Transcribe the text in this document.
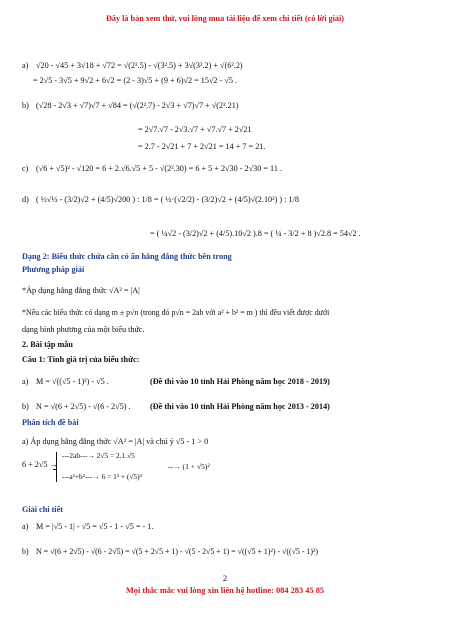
Đây là bản xem thử, vui lòng mua tài liệu để xem chi tiết (có lời giải)
a) √20 - √45 + 3√18 + √72 = √(2².5) - √(3².5) + 3√(3².2) + √(6².2)
= 2√5 - 3√5 + 9√2 + 6√2 = (2 - 3)√5 + (9 + 6)√2 = 15√2 - √5 .
b) (√28 - 2√3 + √7)√7 + √84 = (√(2².7) - 2√3 + √7)√7 + √(2².21)
= 2√7.√7 - 2√3.√7 + √7.√7 + 2√21
= 2.7 - 2√21 + 7 + 2√21 = 14 + 7 = 21.
c) (√6 + √5)² - √120 = 6 + 2.√6.√5 + 5 - √(2².30) = 6 + 5 + 2√30 - 2√30 = 11 .
d) ( ½√½ - (3/2)√2 + (4/5)√200 ) : 1/8 = ( ½·(√2/2) - (3/2)√2 + (4/5)√(2.10²) ) : 1/8
= ( ¼√2 - (3/2)√2 + (4/5).10√2 ).8 = ( ¼ - 3/2 + 8 )√2.8 = 54√2 .
Dạng 2: Biểu thức chứa căn có ẩn hằng đẳng thức bên trong
Phương pháp giải
*Áp dụng hằng đẳng thức √A² = |A|
*Nếu các biểu thức có dạng m ± p√n (trong đó p√n = 2ab với a² + b² = m ) thì đều viết được dưới
dạng bình phương của một biểu thức.
2. Bài tập mẫu
Câu 1: Tính giá trị của biểu thức:
a) M = √((√5 - 1)²) - √5 .	(Đề thi vào 10 tỉnh Hải Phòng năm học 2018 - 2019)
b) N = √(6 + 2√5) - √(6 - 2√5) . (Đề thi vào 10 tỉnh Hải Phòng năm học 2013 - 2014)
Phân tích đề bài
a) Áp dụng hằng đẳng thức √A² = |A| và chú ý √5 - 1 > 0
6 + 2√5 →
---2ab---→ 2√5 = 2.1.√5
---a²+b²---→ 6 = 1² + (√5)²
--→ (1 + √5)²
Giải chi tiết
a) M = |√5 - 1| - √5 = √5 - 1 - √5 = - 1.
b) N = √(6 + 2√5) - √(6 - 2√5) = √(5 + 2√5 + 1) - √(5 - 2√5 + 1) = √((√5 + 1)²) - √((√5 - 1)²)
2
Mọi thắc mắc vui lòng xin liên hệ hotline: 084 283 45 85
